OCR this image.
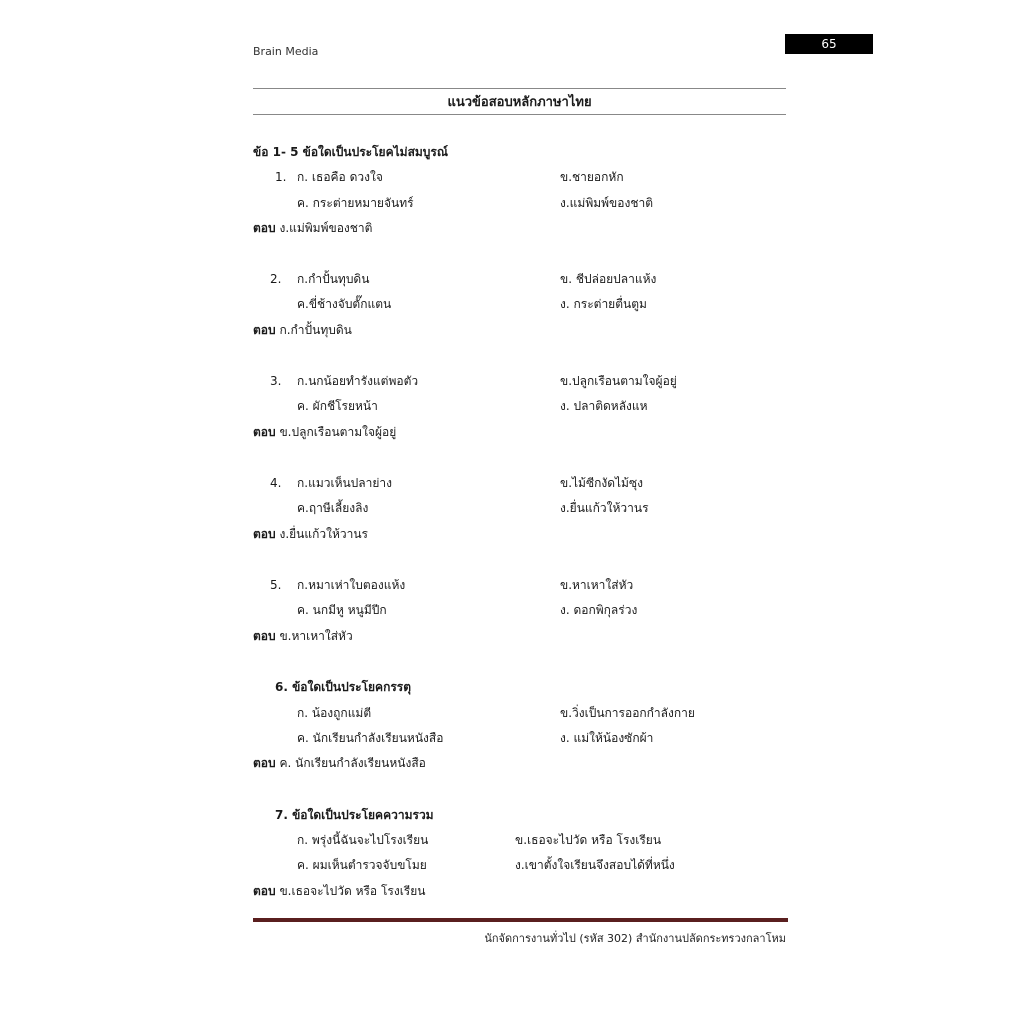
Brain Media
65
แนวข้อสอบหลักภาษาไทย
ข้อ 1- 5 ข้อใดเป็นประโยคไม่สมบูรณ์
1. ก. เธอคือ ดวงใจ	ข.ชายอกหัก
ค. กระต่ายหมายจันทร์	ง.แม่พิมพ์ของชาติ
ตอบ ง.แม่พิมพ์ของชาติ
2. ก.กำปั้นทุบดิน	ข. ชีปล่อยปลาแห้ง
ค.ขี่ช้างจับตั๊กแตน	ง. กระต่ายตื่นตูม
ตอบ ก.กำปั้นทุบดิน
3. ก.นกน้อยทำรังแต่พอตัว	ข.ปลูกเรือนตามใจผู้อยู่
ค. ผักชีโรยหน้า	ง. ปลาติดหลังแห
ตอบ ข.ปลูกเรือนตามใจผู้อยู่
4. ก.แมวเห็นปลาย่าง	ข.ไม้ซีกงัดไม้ซุง
ค.ฤาษีเลี้ยงลิง	ง.ยื่นแก้วให้วานร
ตอบ ง.ยื่นแก้วให้วานร
5. ก.หมาเห่าใบตองแห้ง	ข.หาเหาใส่หัว
ค. นกมีหู หนูมีปีก	ง. ดอกพิกุลร่วง
ตอบ ข.หาเหาใส่หัว
6. ข้อใดเป็นประโยคกรรตุ
ก. น้องถูกแม่ตี	ข.วิ่งเป็นการออกกำลังกาย
ค. นักเรียนกำลังเรียนหนังสือ	ง. แม่ให้น้องซักผ้า
ตอบ ค. นักเรียนกำลังเรียนหนังสือ
7. ข้อใดเป็นประโยคความรวม
ก. พรุ่งนี้ฉันจะไปโรงเรียน	ข.เธอจะไปวัด หรือ โรงเรียน
ค. ผมเห็นตำรวจจับขโมย	ง.เขาตั้งใจเรียนจึงสอบได้ที่หนึ่ง
ตอบ ข.เธอจะไปวัด หรือ โรงเรียน
นักจัดการงานทั่วไป (รหัส 302) สำนักงานปลัดกระทรวงกลาโหม
